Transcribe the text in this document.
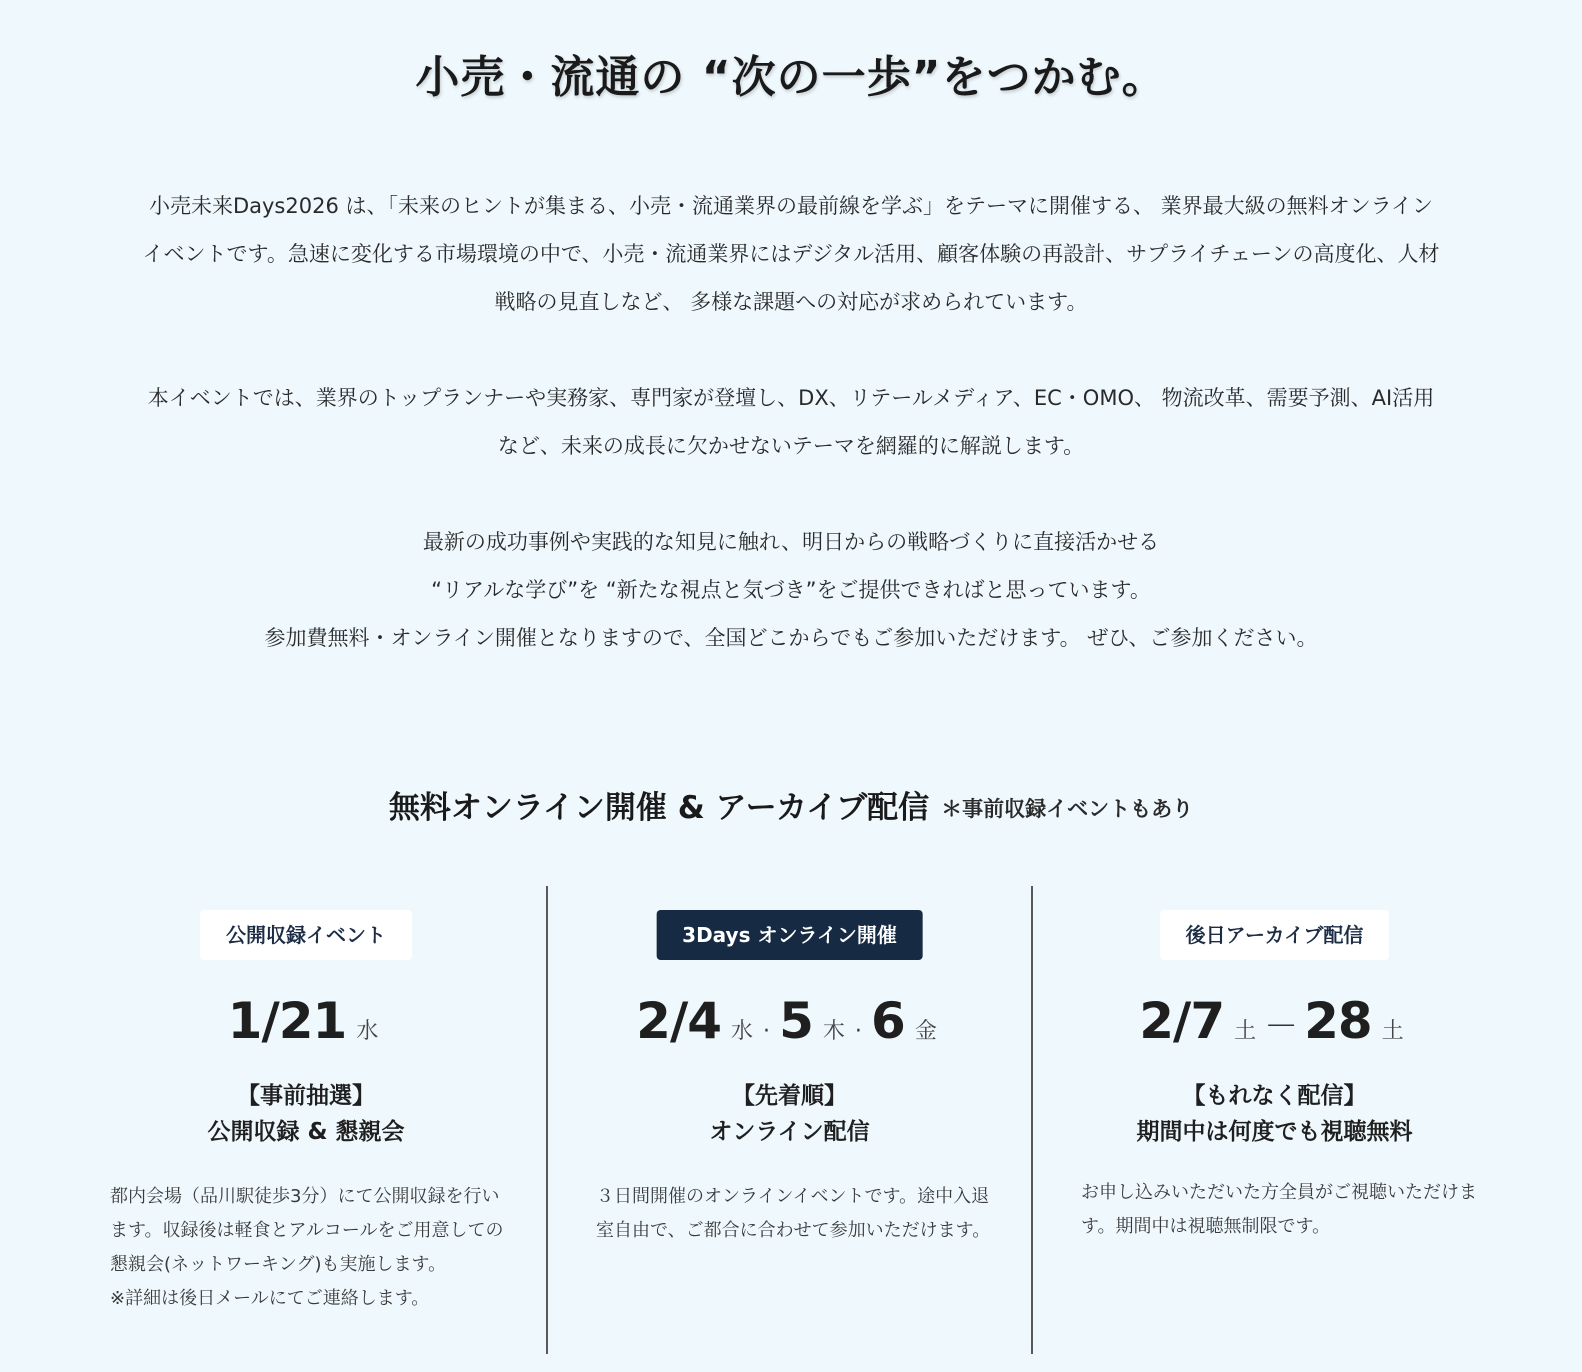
小売・流通の “次の一歩”をつかむ。

小売未来Days2026 は、「未来のヒントが集まる、小売・流通業界の最前線を学ぶ」をテーマに開催する、 業界最大級の無料オンラインイベントです。急速に変化する市場環境の中で、小売・流通業界にはデジタル活用、顧客体験の再設計、サプライチェーンの高度化、人材戦略の見直しなど、 多様な課題への対応が求められています。

本イベントでは、業界のトップランナーや実務家、専門家が登壇し、DX、リテールメディア、EC・OMO、 物流改革、需要予測、AI活用など、未来の成長に欠かせないテーマを網羅的に解説します。

最新の成功事例や実践的な知見に触れ、明日からの戦略づくりに直接活かせる
“リアルな学び”を “新たな視点と気づき”をご提供できればと思っています。
参加費無料・オンライン開催となりますので、全国どこからでもご参加いただけます。 ぜひ、ご参加ください。

無料オンライン開催 & アーカイブ配信 ＊事前収録イベントもあり
公開収録イベント
1/21 水
【事前抽選】
公開収録 & 懇親会

都内会場（品川駅徒歩3分）にて公開収録を行います。収録後は軽食とアルコールをご用意しての懇親会(ネットワーキング)も実施します。

※詳細は後日メールにてご連絡します。

3Days オンライン開催
2/4 水 · 5 木 · 6 金
【先着順】
オンライン配信

３日間開催のオンラインイベントです。途中入退室自由で、ご都合に合わせて参加いただけます。

後日アーカイブ配信
2/7 土 － 28 土
【もれなく配信】
期間中は何度でも視聴無料

お申し込みいただいた方全員がご視聴いただけます。期間中は視聴無制限です。
